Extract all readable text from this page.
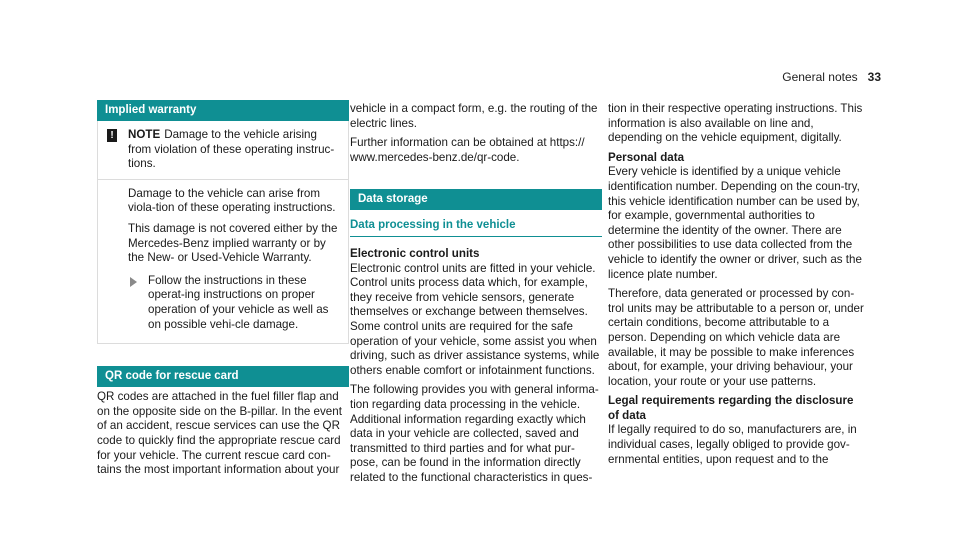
General notes 33
Implied warranty
! NOTE Damage to the vehicle arising from violation of these operating instruc-tions.

Damage to the vehicle can arise from viola-tion of these operating instructions.

This damage is not covered either by the Mercedes-Benz implied warranty or by the New- or Used-Vehicle Warranty.

Follow the instructions in these operat-ing instructions on proper operation of your vehicle as well as on possible vehi-cle damage.
QR code for rescue card

QR codes are attached in the fuel filler flap and on the opposite side on the B-pillar. In the event of an accident, rescue services can use the QR code to quickly find the appropriate rescue card for your vehicle. The current rescue card con-tains the most important information about your

vehicle in a compact form, e.g. the routing of the electric lines.

Further information can be obtained at https:// www.mercedes-benz.de/qr-code.

Data storage
Data processing in the vehicle

Electronic control units

Electronic control units are fitted in your vehicle. Control units process data which, for example, they receive from vehicle sensors, generate themselves or exchange between themselves. Some control units are required for the safe operation of your vehicle, some assist you when driving, such as driver assistance systems, while others enable comfort or infotainment functions.

The following provides you with general informa-tion regarding data processing in the vehicle. Additional information regarding exactly which data in your vehicle are collected, saved and transmitted to third parties and for what pur-pose, can be found in the information directly related to the functional characteristics in ques-

tion in their respective operating instructions. This information is also available on line and, depending on the vehicle equipment, digitally.

Personal data

Every vehicle is identified by a unique vehicle identification number. Depending on the coun-try, this vehicle identification number can be used by, for example, governmental authorities to determine the identity of the owner. There are other possibilities to use data collected from the vehicle to identify the owner or driver, such as the licence plate number.

Therefore, data generated or processed by con-trol units may be attributable to a person or, under certain conditions, become attributable to a person. Depending on which vehicle data are available, it may be possible to make inferences about, for example, your driving behaviour, your location, your route or your use patterns.

Legal requirements regarding the disclosure of data

If legally required to do so, manufacturers are, in individual cases, legally obliged to provide gov-ernmental entities, upon request and to the
